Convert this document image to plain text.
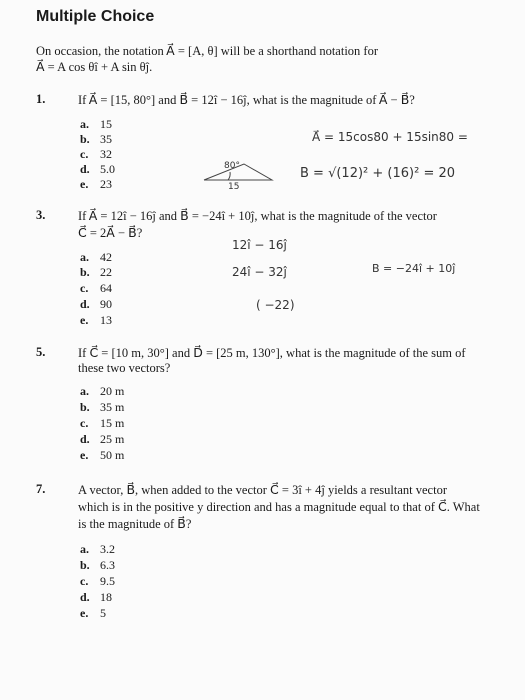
Multiple Choice
On occasion, the notation A⃗ = [A, θ] will be a shorthand notation for
A⃗ = A cos θî + A sin θĵ.
1.	If A⃗ = [15, 80°] and B⃗ = 12î − 16ĵ, what is the magnitude of A⃗ − B⃗?
a. 15
b. 35
c. 32
d. 5.0
e. 23
A⃗ = 15cos80 + 15sin80 =
80°
15
B = √(12)² + (16)² = 20
3.	If A⃗ = 12î − 16ĵ and B⃗ = −24î + 10ĵ, what is the magnitude of the vector
C⃗ = 2A⃗ − B⃗?
a. 42
b. 22
c. 64
d. 90
e. 13
12î − 16ĵ
24î − 32ĵ	B = −24î + 10ĵ
( −22)
5.	If C⃗ = [10 m, 30°] and D⃗ = [25 m, 130°], what is the magnitude of the sum of
these two vectors?
a. 20 m
b. 35 m
c. 15 m
d. 25 m
e. 50 m
7.	A vector, B⃗, when added to the vector C⃗ = 3î + 4ĵ yields a resultant vector
which is in the positive y direction and has a magnitude equal to that of C⃗. What
is the magnitude of B⃗?
a. 3.2
b. 6.3
c. 9.5
d. 18
e. 5
